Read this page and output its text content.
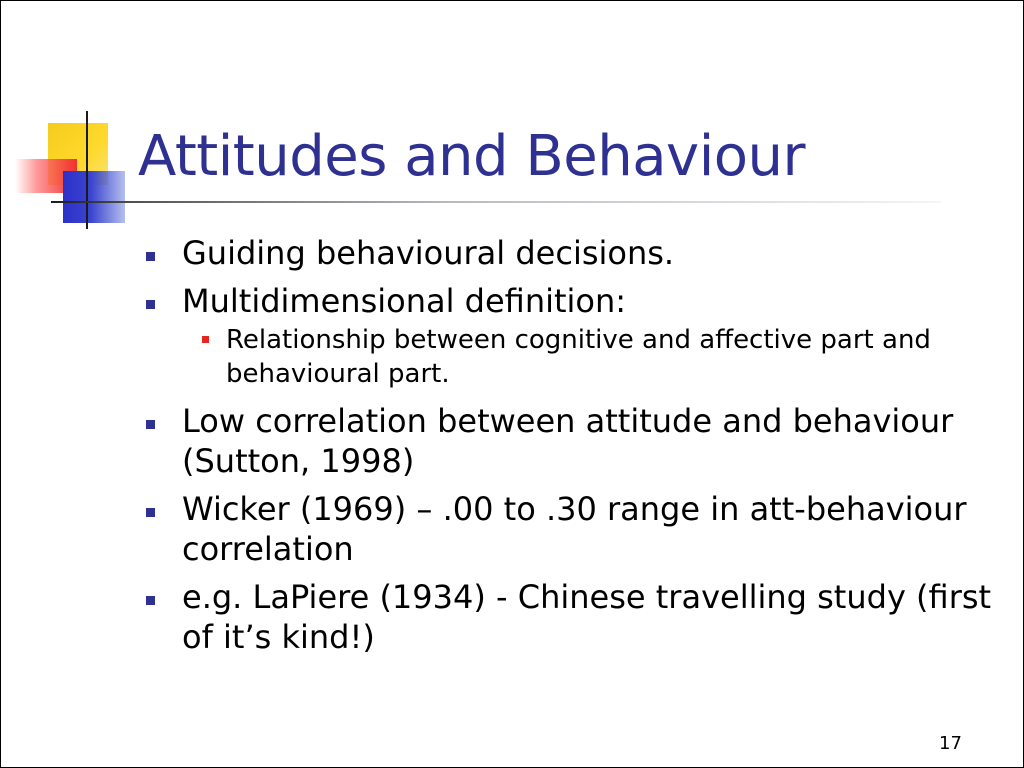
Attitudes and Behaviour
Guiding behavioural decisions.
Multidimensional definition:
Relationship between cognitive and affective part and behavioural part.
Low correlation between attitude and behaviour (Sutton, 1998)
Wicker (1969) – .00 to .30 range in att-behaviour correlation
e.g. LaPiere (1934) - Chinese travelling study (first of it’s kind!)
17
